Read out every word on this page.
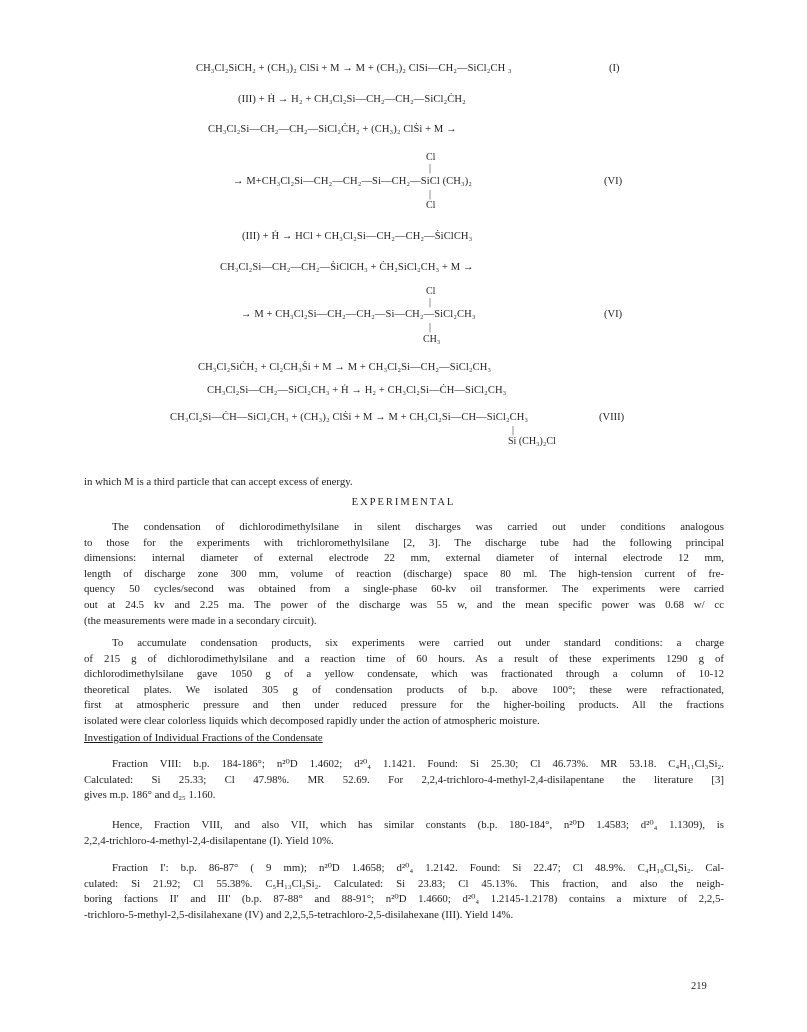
CH₃Cl₂SiCH₂ + (CH₃)₂ ClSi + M → M + (CH₃)₂ ClSi—CH₂—SiCl₂CH ₃	(I)
(III) + Ḣ → H₂ + CH₃Cl₂Si—CH₂—CH₂—SiCl₂ĊH₂
CH₃Cl₂Si—CH₂—CH₂—SiCl₂ĊH₂ + (CH₃)₂ ClṠi + M →
Cl
|
→ M+CH₃Cl₂Si—CH₂—CH₂—Si—CH₂—SiCl (CH₃)₂	(VI)
|
Cl
(III) + Ḣ → HCl + CH₃Cl₂Si—CH₂—CH₂—ṠiClCH₃
CH₃Cl₂Si—CH₂—CH₂—ṠiClCH₃ + ĊH₂SiCl₂CH₃ + M →
Cl
|
→ M + CH₃Cl₂Si—CH₂—CH₂—Si—CH₂—SiCl₂CH₃	(VI)
|
CH₃
CH₃Cl₂SiĊH₂ + Cl₂CH₃Ṡi + M → M + CH₃Cl₂Si—CH₂—SiCl₂CH₃
CH₃Cl₂Si—CH₂—SiCl₂CH₃ + Ḣ → H₂ + CH₃Cl₂Si—ĊH—SiCl₂CH₃
CH₃Cl₂Si—ĊH—SiCl₂CH₃ + (CH₃)₂ ClṠi + M → M + CH₃Cl₂Si—CH—SiCl₂CH₃	(VIII)
|
Si (CH₃)₂Cl
in which M is a third particle that can accept excess of energy.
EXPERIMENTAL
The condensation of dichlorodimethylsilane in silent discharges was carried out under conditions analogous
to those for the experiments with trichloromethylsilane [2, 3]. The discharge tube had the following principal
dimensions: internal diameter of external electrode 22 mm, external diameter of internal electrode 12 mm,
length of discharge zone 300 mm, volume of reaction (discharge) space 80 ml. The high-tension current of fre-
quency 50 cycles/second was obtained from a single-phase 60-kv oil transformer. The experiments were carried
out at 24.5 kv and 2.25 ma. The power of the discharge was 55 w, and the mean specific power was 0.68 w/ cc
(the measurements were made in a secondary circuit).
To accumulate condensation products, six experiments were carried out under standard conditions: a charge
of 215 g of dichlorodimethylsilane and a reaction time of 60 hours. As a result of these experiments 1290 g of
dichlorodimethylsilane gave 1050 g of a yellow condensate, which was fractionated through a column of 10-12
theoretical plates. We isolated 305 g of condensation products of b.p. above 100°; these were refractionated,
first at atmospheric pressure and then under reduced pressure for the higher-boiling products. All the fractions
isolated were clear colorless liquids which decomposed rapidly under the action of atmospheric moisture.
Investigation of Individual Fractions of the Condensate
Fraction VIII: b.p. 184-186°; n²⁰D 1.4602; d²⁰₄ 1.1421. Found: Si 25.30; Cl 46.73%. MR 53.18. C₄H₁₁Cl₃Si₂.
Calculated: Si 25.33; Cl 47.98%. MR 52.69. For 2,2,4-trichloro-4-methyl-2,4-disilapentane the literature [3]
gives m.p. 186° and d₂₅ 1.160.
Hence, Fraction VIII, and also VII, which has similar constants (b.p. 180-184°, n²⁰D 1.4583; d²⁰₄ 1.1309), is
2,2,4-trichloro-4-methyl-2,4-disilapentane (I). Yield 10%.
Fraction I': b.p. 86-87° ( 9 mm); n²⁰D 1.4658; d²⁰₄ 1.2142. Found: Si 22.47; Cl 48.9%. C₄H₁₀Cl₄Si₂. Cal-
culated: Si 21.92; Cl 55.38%. C₅H₁₃Cl₃Si₂. Calculated: Si 23.83; Cl 45.13%. This fraction, and also the neigh-
boring factions II' and III' (b.p. 87-88° and 88-91°; n²⁰D 1.4660; d²⁰₄ 1.2145-1.2178) contains a mixture of 2,2,5-
-trichloro-5-methyl-2,5-disilahexane (IV) and 2,2,5,5-tetrachloro-2,5-disilahexane (III). Yield 14%.
219
